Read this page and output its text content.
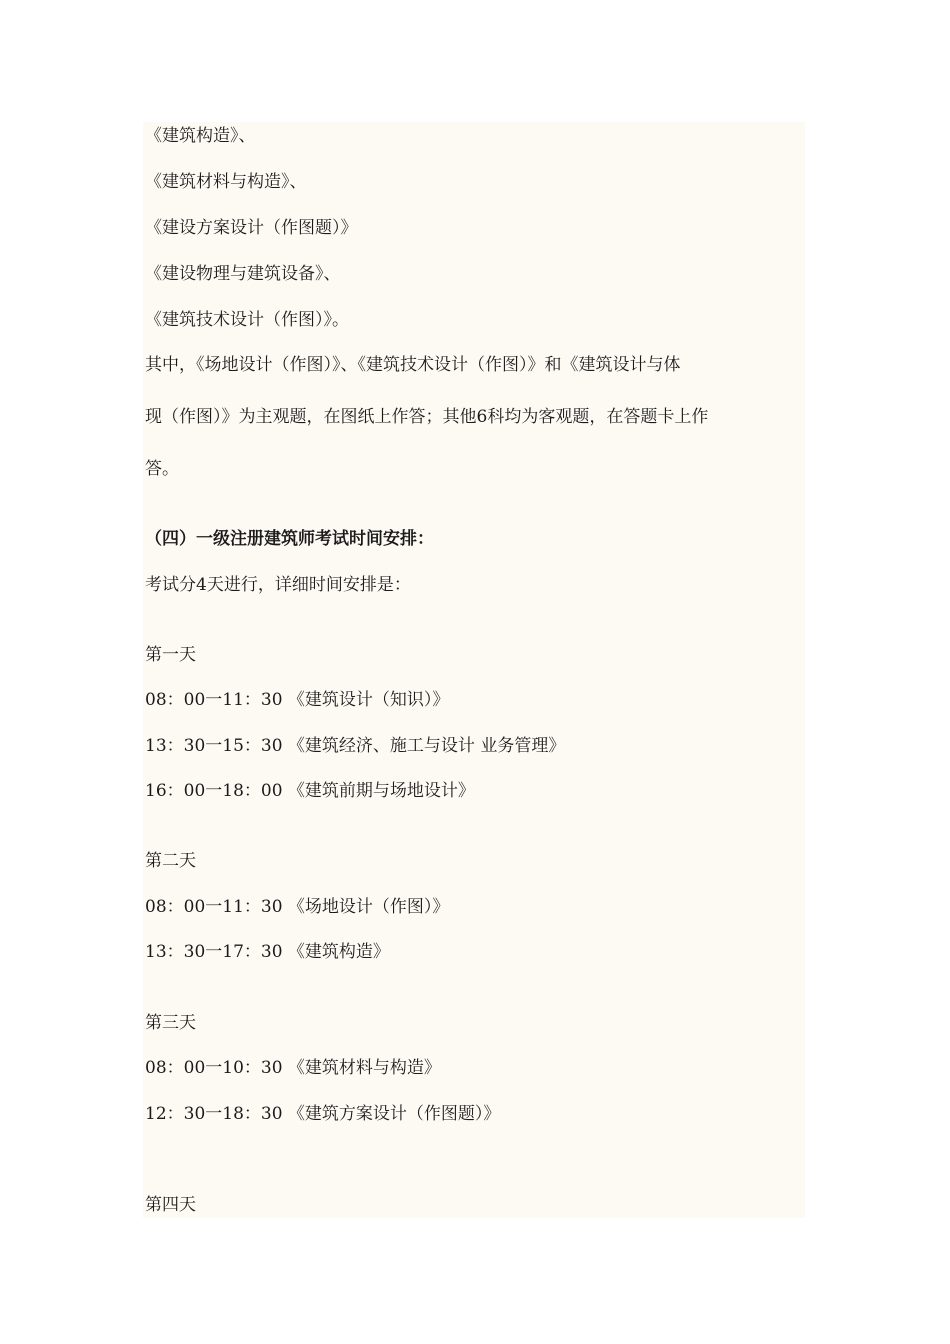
《建筑构造》、
《建筑材料与构造》、
《建设方案设计（作图题）》
《建设物理与建筑设备》、
《建筑技术设计（作图）》。
其中，《场地设计（作图）》、《建筑技术设计（作图）》和《建筑设计与体
现（作图）》为主观题，在图纸上作答；其他6科均为客观题，在答题卡上作
答。
（四）一级注册建筑师考试时间安排：
考试分4天进行，详细时间安排是：
第一天
08：00一11：30 《建筑设计（知识）》
13：30一15：30 《建筑经济、施工与设计 业务管理》
16：00一18：00 《建筑前期与场地设计》
第二天
08：00一11：30 《场地设计（作图）》
13：30一17：30 《建筑构造》
第三天
08：00一10：30 《建筑材料与构造》
12：30一18：30 《建筑方案设计（作图题）》
第四天
